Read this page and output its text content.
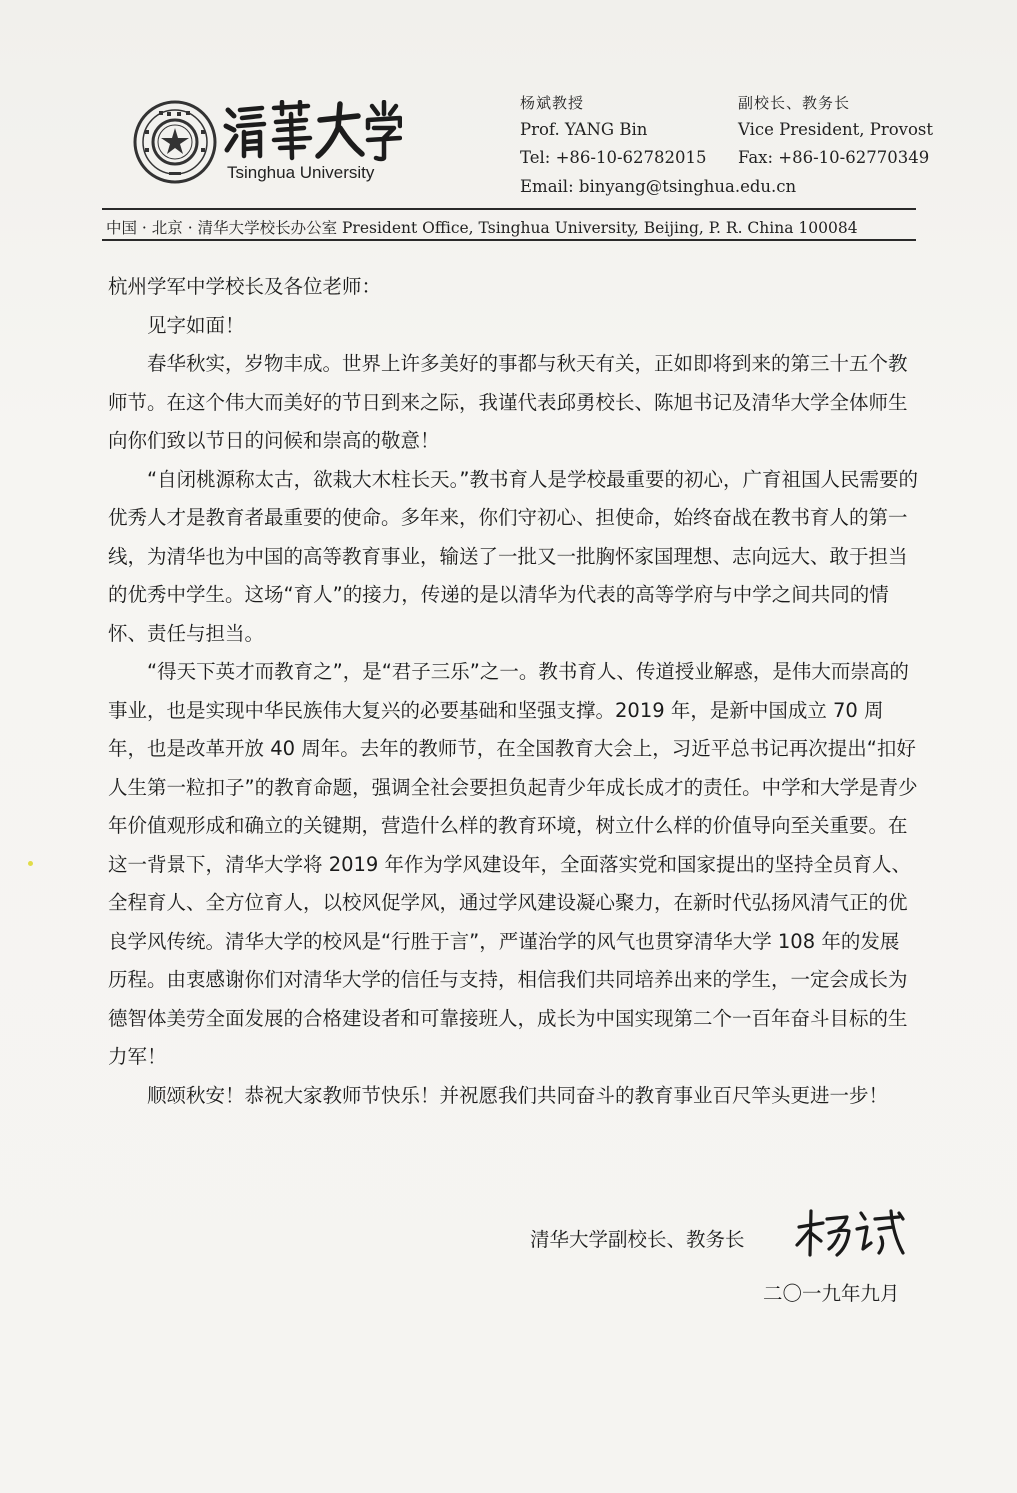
Tsinghua University
杨斌教授
Prof. YANG Bin
Tel: +86-10-62782015
Email: binyang@tsinghua.edu.cn
副校长、教务长
Vice President, Provost
Fax: +86-10-62770349
中国 · 北京 · 清华大学校长办公室 President Office, Tsinghua University, Beijing, P. R. China 100084

杭州学军中学校长及各位老师：

见字如面！

春华秋实，岁物丰成。世界上许多美好的事都与秋天有关，正如即将到来的第三十五个教师节。在这个伟大而美好的节日到来之际，我谨代表邱勇校长、陈旭书记及清华大学全体师生向你们致以节日的问候和崇高的敬意！

“自闭桃源称太古，欲栽大木柱长天。”教书育人是学校最重要的初心，广育祖国人民需要的优秀人才是教育者最重要的使命。多年来，你们守初心、担使命，始终奋战在教书育人的第一线，为清华也为中国的高等教育事业，输送了一批又一批胸怀家国理想、志向远大、敢于担当的优秀中学生。这场“育人”的接力，传递的是以清华为代表的高等学府与中学之间共同的情怀、责任与担当。

“得天下英才而教育之”，是“君子三乐”之一。教书育人、传道授业解惑，是伟大而崇高的事业，也是实现中华民族伟大复兴的必要基础和坚强支撑。2019 年，是新中国成立 70 周年，也是改革开放 40 周年。去年的教师节，在全国教育大会上，习近平总书记再次提出“扣好人生第一粒扣子”的教育命题，强调全社会要担负起青少年成长成才的责任。中学和大学是青少年价值观形成和确立的关键期，营造什么样的教育环境，树立什么样的价值导向至关重要。在这一背景下，清华大学将 2019 年作为学风建设年，全面落实党和国家提出的坚持全员育人、全程育人、全方位育人，以校风促学风，通过学风建设凝心聚力，在新时代弘扬风清气正的优良学风传统。清华大学的校风是“行胜于言”，严谨治学的风气也贯穿清华大学 108 年的发展历程。由衷感谢你们对清华大学的信任与支持，相信我们共同培养出来的学生，一定会成长为德智体美劳全面发展的合格建设者和可靠接班人，成长为中国实现第二个一百年奋斗目标的生力军！

顺颂秋安！恭祝大家教师节快乐！并祝愿我们共同奋斗的教育事业百尺竿头更进一步！

清华大学副校长、教务长
二〇一九年九月
